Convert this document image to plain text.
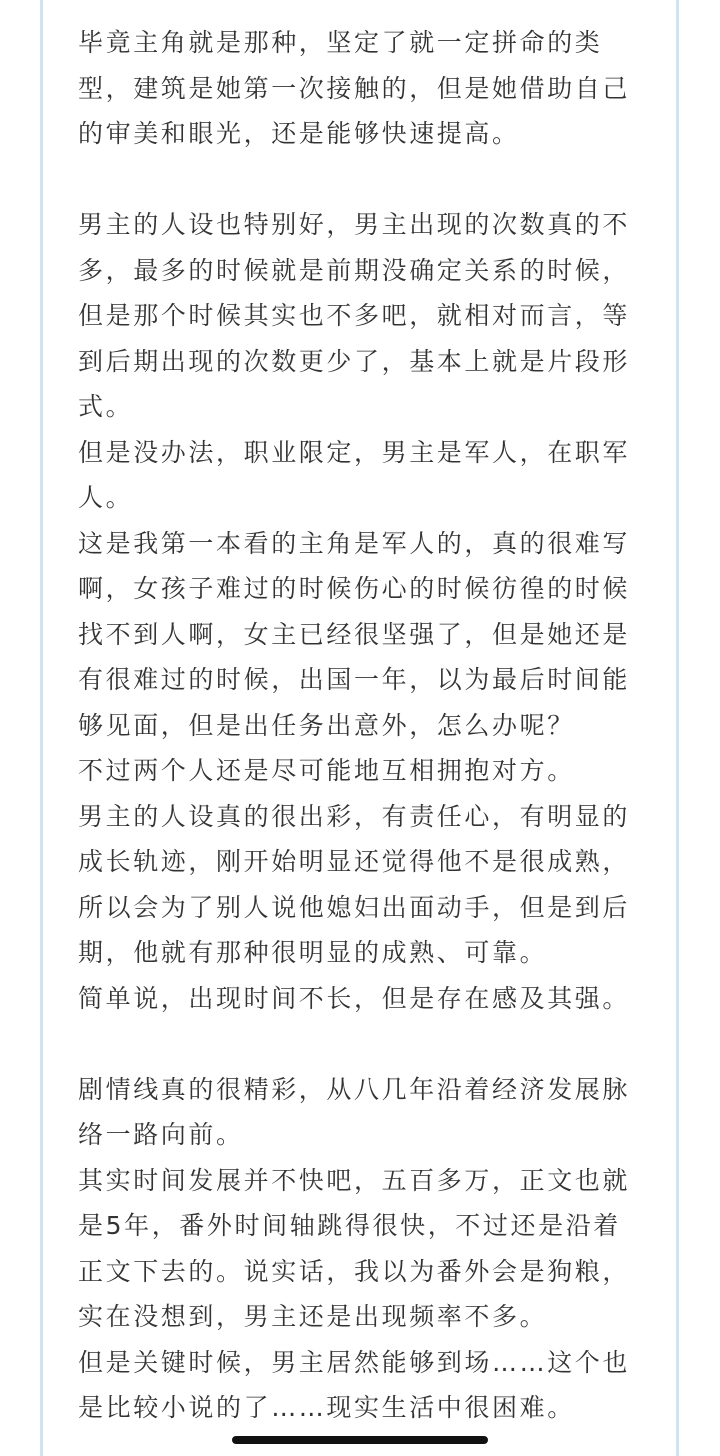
毕竟主角就是那种，坚定了就一定拼命的类
型，建筑是她第一次接触的，但是她借助自己
的审美和眼光，还是能够快速提高。

男主的人设也特别好，男主出现的次数真的不
多，最多的时候就是前期没确定关系的时候，
但是那个时候其实也不多吧，就相对而言，等
到后期出现的次数更少了，基本上就是片段形
式。

但是没办法，职业限定，男主是军人，在职军
人。

这是我第一本看的主角是军人的，真的很难写
啊，女孩子难过的时候伤心的时候彷徨的时候
找不到人啊，女主已经很坚强了，但是她还是
有很难过的时候，出国一年，以为最后时间能
够见面，但是出任务出意外，怎么办呢？

不过两个人还是尽可能地互相拥抱对方。

男主的人设真的很出彩，有责任心，有明显的
成长轨迹，刚开始明显还觉得他不是很成熟，
所以会为了别人说他媳妇出面动手，但是到后
期，他就有那种很明显的成熟、可靠。

简单说，出现时间不长，但是存在感及其强。

剧情线真的很精彩，从八几年沿着经济发展脉
络一路向前。

其实时间发展并不快吧，五百多万，正文也就
是5年，番外时间轴跳得很快，不过还是沿着
正文下去的。说实话，我以为番外会是狗粮，
实在没想到，男主还是出现频率不多。

但是关键时候，男主居然能够到场……这个也
是比较小说的了……现实生活中很困难。
